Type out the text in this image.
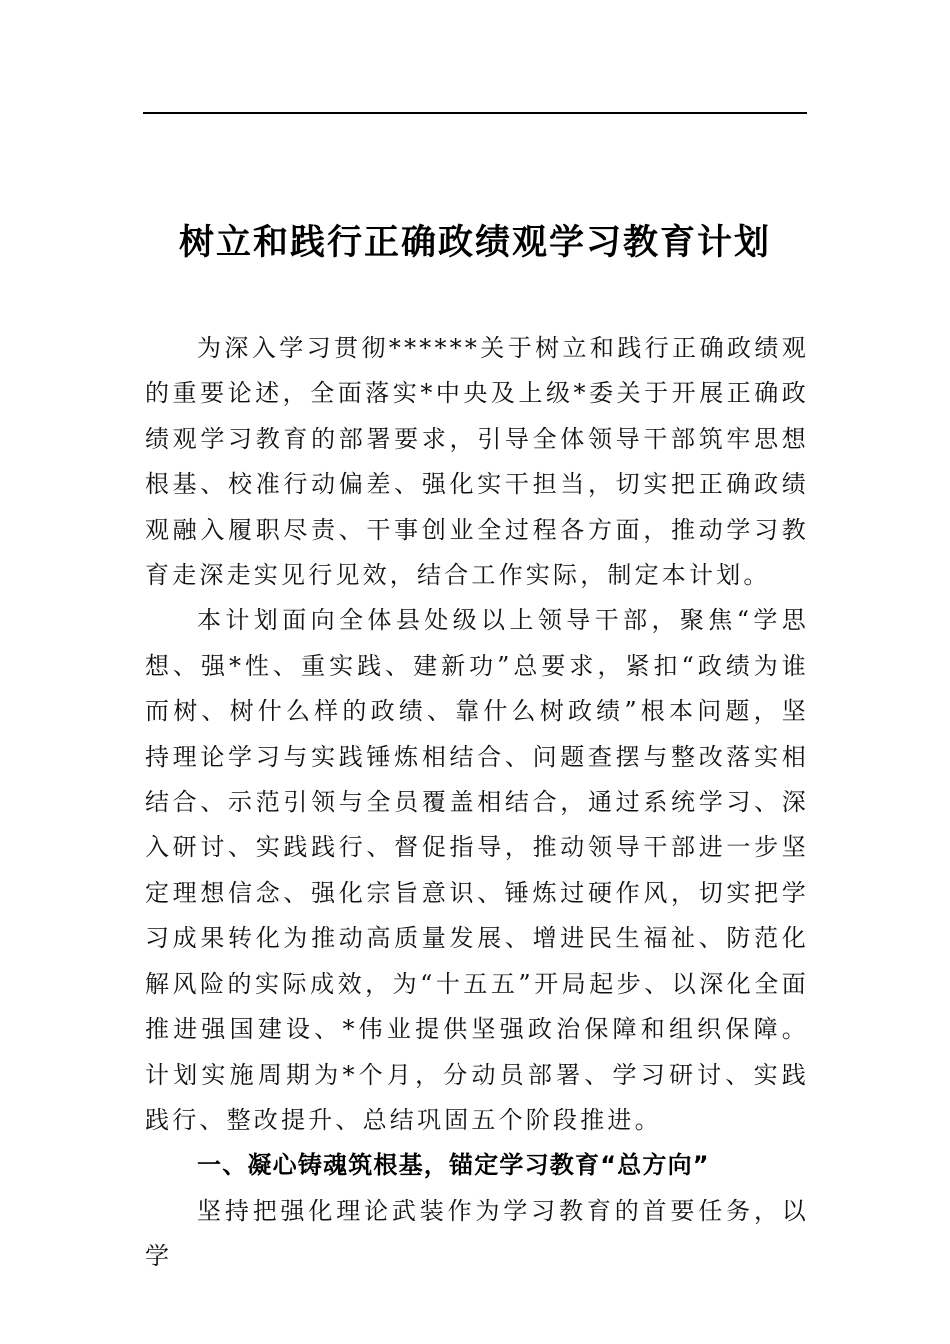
树立和践行正确政绩观学习教育计划

为深入学习贯彻******关于树立和践行正确政绩观的重要论述，全面落实*中央及上级*委关于开展正确政绩观学习教育的部署要求，引导全体领导干部筑牢思想根基、校准行动偏差、强化实干担当，切实把正确政绩观融入履职尽责、干事创业全过程各方面，推动学习教育走深走实见行见效，结合工作实际，制定本计划。

本计划面向全体县处级以上领导干部，聚焦“学思想、强*性、重实践、建新功”总要求，紧扣“政绩为谁而树、树什么样的政绩、靠什么树政绩”根本问题，坚持理论学习与实践锤炼相结合、问题查摆与整改落实相结合、示范引领与全员覆盖相结合，通过系统学习、深入研讨、实践践行、督促指导，推动领导干部进一步坚定理想信念、强化宗旨意识、锤炼过硬作风，切实把学习成果转化为推动高质量发展、增进民生福祉、防范化解风险的实际成效，为“十五五”开局起步、以深化全面推进强国建设、*伟业提供坚强政治保障和组织保障。计划实施周期为*个月，分动员部署、学习研讨、实践践行、整改提升、总结巩固五个阶段推进。

一、凝心铸魂筑根基，锚定学习教育“总方向”

坚持把强化理论武装作为学习教育的首要任务，以学
